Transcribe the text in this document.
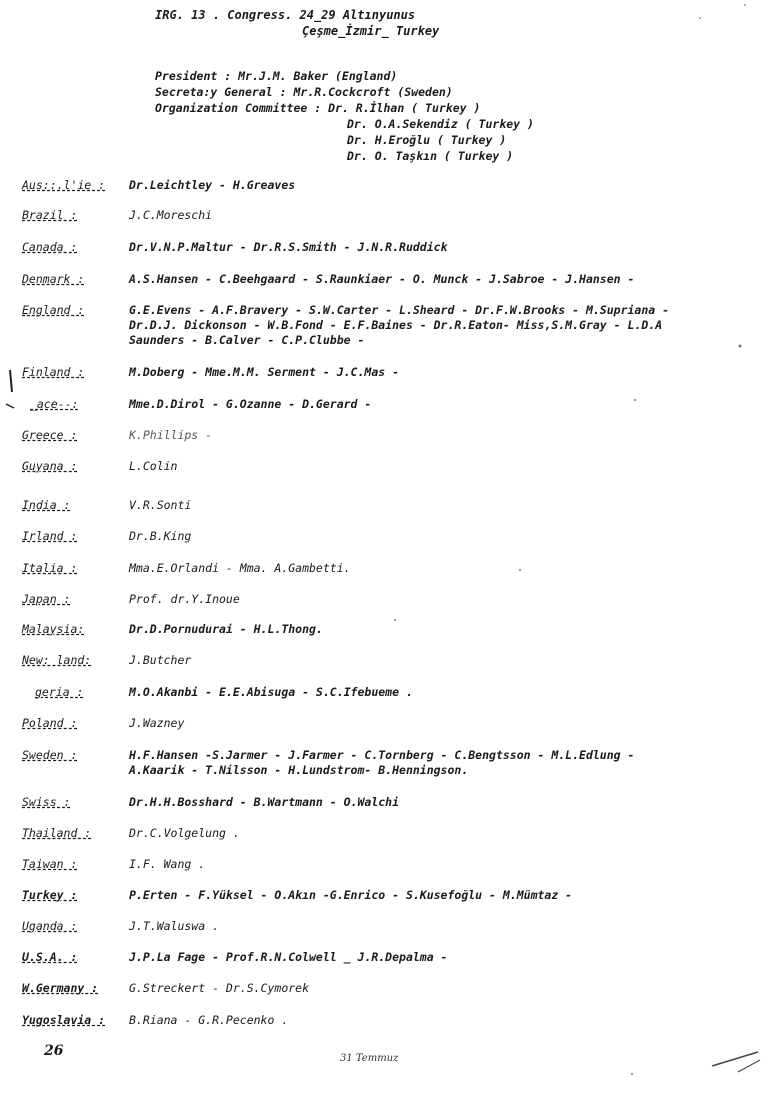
IRG. 13 . Congress. 24_29 Altınyunus
Çeşme_İzmir_ Turkey
President : Mr.J.M. Baker (England)
Secreta:y General : Mr.R.Cockcroft (Sweden)
Organization Committee : Dr. R.İlhan ( Turkey )
Dr. O.A.Sekendiz ( Turkey )
Dr. H.Eroğlu ( Turkey )
Dr. O. Taşkın ( Turkey )
Aus::.l'ie : Dr.Leichtley - H.Greaves
Brazil :	J.C.Moreschi
Canada :	Dr.V.N.P.Maltur - Dr.R.S.Smith - J.N.R.Ruddick
Denmark :	A.S.Hansen - C.Beehgaard - S.Raunkiaer - O. Munck - J.Sabroe - J.Hansen -
England :	G.E.Evens - A.F.Bravery - S.W.Carter - L.Sheard - Dr.F.W.Brooks - M.Supriana -
Dr.D.J. Dickonson - W.B.Fond - E.F.Baines - Dr.R.Eaton- Miss,S.M.Gray - L.D.A
Saunders - B.Calver - C.P.Clubbe -
Finland :	M.Doberg - Mme.M.M. Serment - J.C.Mas -
_ace--:	Mme.D.Dirol - G.Ozanne - D.Gerard -
Greece :	K.Phillips -
Guyana :	L.Colin
India :	V.R.Sonti
Irland :	Dr.B.King
Italia :	Mma.E.Orlandi - Mma. A.Gambetti.
Japan :	Prof. dr.Y.Inoue
Malaysia:	Dr.D.Pornudurai - H.L.Thong.
New: land:	J.Butcher
geria :	M.O.Akanbi - E.E.Abisuga - S.C.Ifebueme .
Poland :	J.Wazney
Sweden :	H.F.Hansen -S.Jarmer - J.Farmer - C.Tornberg - C.Bengtsson - M.L.Edlung -
A.Kaarik - T.Nilsson - H.Lundstrom- B.Henningson.
Swiss :	Dr.H.H.Bosshard - B.Wartmann - O.Walchi
Thailand :	Dr.C.Volgelung .
Taiwan :	I.F. Wang .
Turkey :	P.Erten - F.Yüksel - O.Akın -G.Enrico - S.Kusefoğlu - M.Mümtaz -
Uganda :	J.T.Waluswa .
U.S.A. :	J.P.La Fage - Prof.R.N.Colwell _ J.R.Depalma -
W.Germany :	G.Streckert - Dr.S.Cymorek
Yugoslavia : B.Riana - G.R.Pecenko .
26	31 Temmuz
